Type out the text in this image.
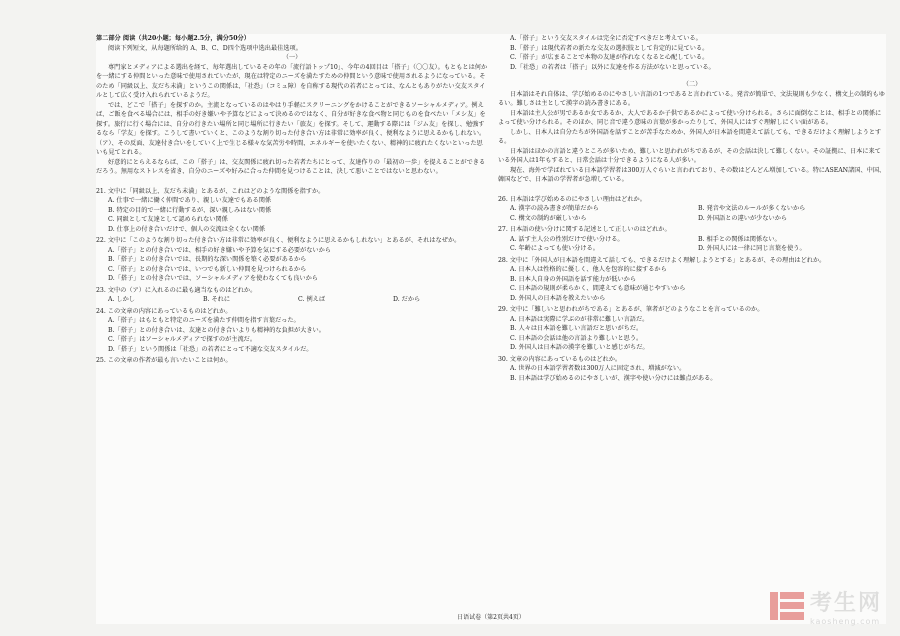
第二部分 阅读（共20小题；每小题2.5分，满分50分）

阅读下列短文，从每题所给的 A、B、C、D四个选项中选出最佳选项。

（一）

専門家とメディアによる選出を経て、毎年選出しているその年の「流行語トップ10」、今年の4回目は「搭子」（〇〇友）。もともとは何かを一緒にする仲間といった意味で使用されていたが、現在は特定のニーズを満たすための仲間という意味で使用されるようになっている。そのため「同級以上、友だち未満」というこの関係は、「社恐」（コミュ障）を自称する現代の若者にとっては、なんともありがたい交友スタイルとして広く受け入れられているようだ。

では、どこで「搭子」を探すのか。主流となっているのはやはり手軽にスクリーニングをかけることができるソーシャルメディア。例えば、ご飯を食べる場合には、相手の好き嫌いや予算などによって決めるのではなく、自分が好きな食べ物と同じものを食べたい「メシ友」を探す。旅行に行く場合には、自分の行きたい場所と同じ場所に行きたい「旅友」を探す。そして、運動する際には「ジム友」を探し、勉強するなら「学友」を探す。こうして書いていくと、このような割り切った付き合い方は非常に効率が良く、便利なように思えるかもしれない。（ア）、その反面、友達付き合いをしていく上で生じる様々な気苦労や時間、エネルギーを使いたくない、精神的に疲れたくないといった思いも見てとれる。

好意的にとらえるならば、この「搭子」は、交友関係に疲れ切った若者たちにとって、友達作りの「最初の一歩」を提えることができるだろう。無用なストレスを省き、自分のニーズや好みに合った仲間を見つけることは、決して悪いことではないと思わない。

21. 文中に「同級以上、友だち未満」とあるが、これはどのような関係を指すか。

A. 仕事で一緒に働く仲間であり、親しい友達でもある関係

B. 特定の目的で一緒に行動するが、深い親しみはない関係

C. 同級として友達として認められない関係

D. 仕事上の付き合いだけで、個人の交流は全くない関係

22. 文中に「このような割り切った付き合い方は非常に効率が良く、便利なように思えるかもしれない」とあるが、それはなぜか。

A.「搭子」との付き合いでは、相手の好き嫌いや予算を気にする必要がないから

B.「搭子」との付き合いでは、長期的な深い関係を築く必要があるから

C.「搭子」との付き合いでは、いつでも新しい仲間を見つけられるから

D.「搭子」との付き合いでは、ソーシャルメディアを使わなくても良いから

23. 文中の（ア）に入れるのに最も適当なものはどれか。

A. しかし	B. それに	C. 例えば	D. だから

24. この文章の内容にあっているものはどれか。

A.「搭子」はもともと特定のニーズを満たす仲間を指す言葉だった。

B.「搭子」との付き合いは、友達との付き合いよりも精神的な負担が大きい。

C.「搭子」はソーシャルメディアで探すのが主流だ。

D.「搭子」という関係は「社恐」の若者にとって不適な交友スタイルだ。

25. この文章の作者が最も言いたいことは何か。

A.「搭子」という交友スタイルは完全に否定すべきだと考えている。

B.「搭子」は現代若者の新たな交友の選択肢として肯定的に見ている。

C.「搭子」が広まることで本物の友達が作れなくなると心配している。

D.「社恐」の若者は「搭子」以外に友達を作る方法がないと思っている。

（二）

日本語はそれ自体は、学び始めるのにやさしい言語の1つであると言われている。発音が簡単で、文法規則も少なく、構文上の制約もゆるい。難しさは主として漢字の読み書きにある。

日本語は主人公が男であるか女であるか、大人であるか子供であるかによって使い分けられる。さらに面倒なことは、相手との関係によって使い分けられる。そのほか、同じ音で違う意味の言葉が多かったりして、外国人にはすぐ理解しにくい面がある。

しかし、日本人は自分たちが外国語を話すことが苦手なためか、外国人が日本語を間違えて話しても、できるだけよく理解しようとする。

日本語はほかの言語と違うところが多いため、難しいと思われがちであるが、その会話は決して難しくない。その証拠に、日本に来ている外国人は1年もすると、日常会話は十分できるようになる人が多い。

現在、海外で学ばれている日本語学習者は300万人ぐらいと言われており、その数はどんどん増加している。特にASEAN諸国、中国、韓国などで、日本語の学習者が急増している。

26. 日本語は学び始めるのにやさしい理由はどれか。

A. 漢字の読み書きが簡単だから	B. 発音や文法のルールが多くないから
C. 構文の制約が厳しいから	D. 外国語との違いが少ないから

27. 日本語の使い分けに関する記述として正しいのはどれか。

A. 話す主人公の性別だけで使い分ける。	B. 相手との関係は関係ない。
C. 年齢によっても使い分ける。	D. 外国人には一律に同じ言葉を使う。

28. 文中に「外国人が日本語を間違えて話しても、できるだけよく理解しようとする」とあるが、その理由はどれか。

A. 日本人は性格的に優しく、他人を包容的に接するから

B. 日本人自身の外国語を話す能力が低いから

C. 日本語の規則が柔らかく、間違えても意味が通じやすいから

D. 外国人の日本語を教えたいから

29. 文中に「難しいと思われがちである」とあるが、筆者がどのようなことを言っているのか。

A. 日本語は実際に学ぶのが非常に難しい言語だ。

B. 人々は日本語を難しい言語だと思いがちだ。

C. 日本語の会話は他の言語より難しいと思う。

D. 外国人は日本語の漢字を難しいと感じがちだ。

30. 文章の内容にあっているものはどれか。

A. 世界の日本語学習者数は300万人に固定され、増減がない。

B. 日本語は学び始めるのにやさしいが、漢字や使い分けには難点がある。

日语试卷（第2页共4页）
考生网
kaosheng.com
